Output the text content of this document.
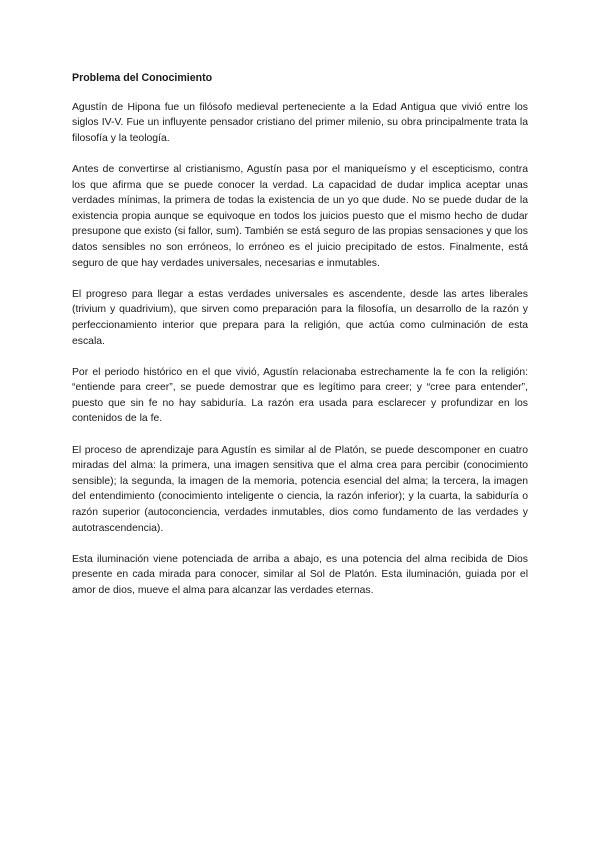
Problema del Conocimiento

Agustín de Hipona fue un filósofo medieval perteneciente a la Edad Antigua que vivió entre los siglos IV-V. Fue un influyente pensador cristiano del primer milenio, su obra principalmente trata la filosofía y la teología.

Antes de convertirse al cristianismo, Agustín pasa por el maniqueísmo y el escepticismo, contra los que afirma que se puede conocer la verdad. La capacidad de dudar implica aceptar unas verdades mínimas, la primera de todas la existencia de un yo que dude. No se puede dudar de la existencia propia aunque se equivoque en todos los juicios puesto que el mismo hecho de dudar presupone que existo (si fallor, sum). También se está seguro de las propias sensaciones y que los datos sensibles no son erróneos, lo erróneo es el juicio precipitado de estos. Finalmente, está seguro de que hay verdades universales, necesarias e inmutables.

El progreso para llegar a estas verdades universales es ascendente, desde las artes liberales (trivium y quadrivium), que sirven como preparación para la filosofía, un desarrollo de la razón y perfeccionamiento interior que prepara para la religión, que actúa como culminación de esta escala.

Por el periodo histórico en el que vivió, Agustín relacionaba estrechamente la fe con la religión: “entiende para creer”, se puede demostrar que es legítimo para creer; y “cree para entender”, puesto que sin fe no hay sabiduría. La razón era usada para esclarecer y profundizar en los contenidos de la fe.

El proceso de aprendizaje para Agustín es similar al de Platón, se puede descomponer en cuatro miradas del alma: la primera, una imagen sensitiva que el alma crea para percibir (conocimiento sensible); la segunda, la imagen de la memoria, potencia esencial del alma; la tercera, la imagen del entendimiento (conocimiento inteligente o ciencia, la razón inferior); y la cuarta, la sabiduría o razón superior (autoconciencia, verdades inmutables, dios como fundamento de las verdades y autotrascendencia).

Esta iluminación viene potenciada de arriba a abajo, es una potencia del alma recibida de Dios presente en cada mirada para conocer, similar al Sol de Platón. Esta iluminación, guiada por el amor de dios, mueve el alma para alcanzar las verdades eternas.
